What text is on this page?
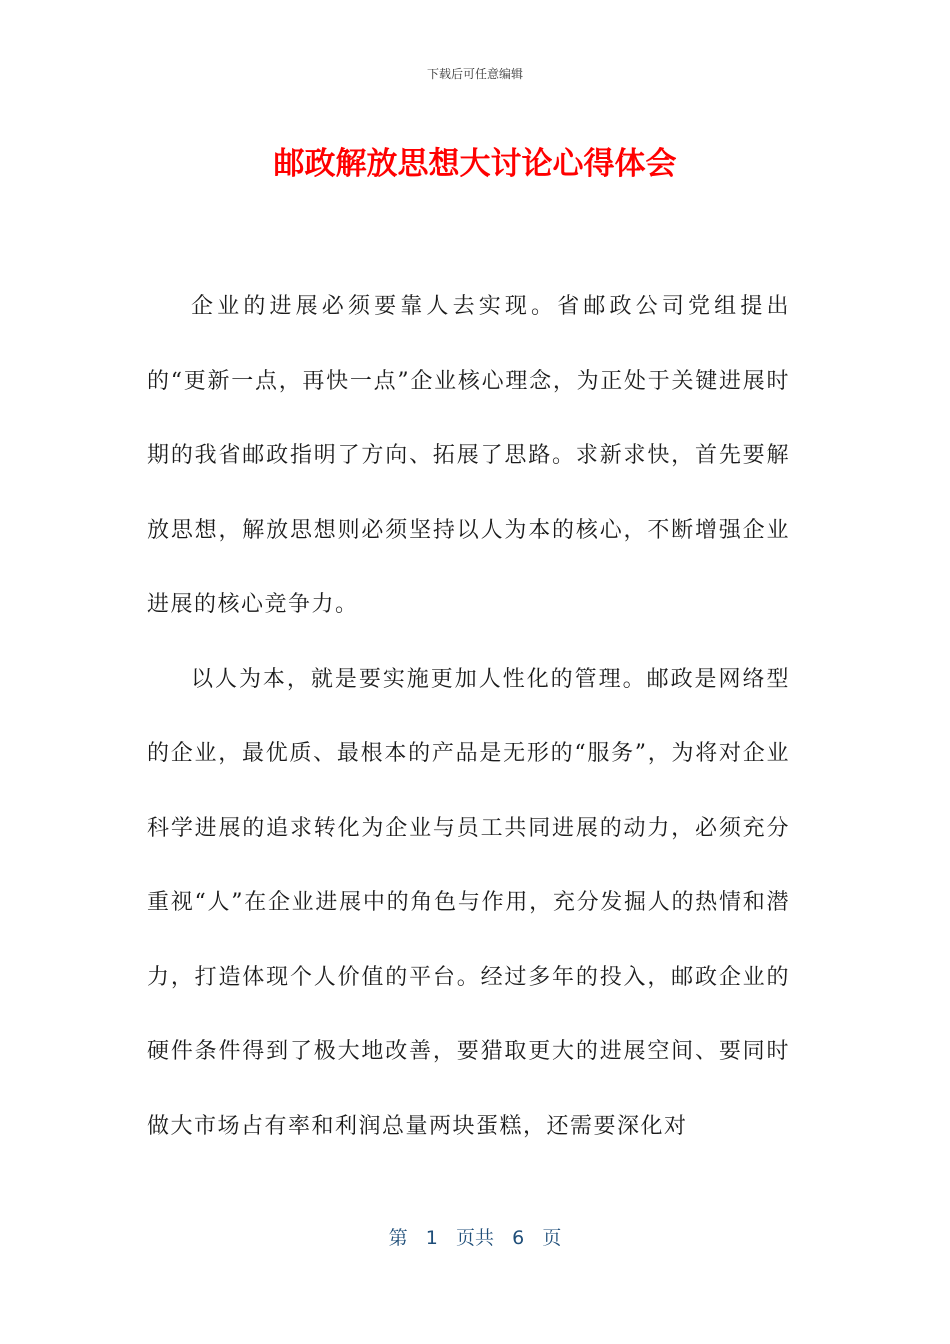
下载后可任意编辑
邮政解放思想大讨论心得体会

企业的进展必须要靠人去实现。省邮政公司党组提出的“更新一点，再快一点”企业核心理念，为正处于关键进展时期的我省邮政指明了方向、拓展了思路。求新求快，首先要解放思想，解放思想则必须坚持以人为本的核心，不断增强企业进展的核心竞争力。

以人为本，就是要实施更加人性化的管理。邮政是网络型的企业，最优质、最根本的产品是无形的“服务”，为将对企业科学进展的追求转化为企业与员工共同进展的动力，必须充分重视“人”在企业进展中的角色与作用，充分发掘人的热情和潜力，打造体现个人价值的平台。经过多年的投入，邮政企业的硬件条件得到了极大地改善，要猎取更大的进展空间、要同时做大市场占有率和利润总量两块蛋糕，还需要深化对

第 1 页共 6 页
